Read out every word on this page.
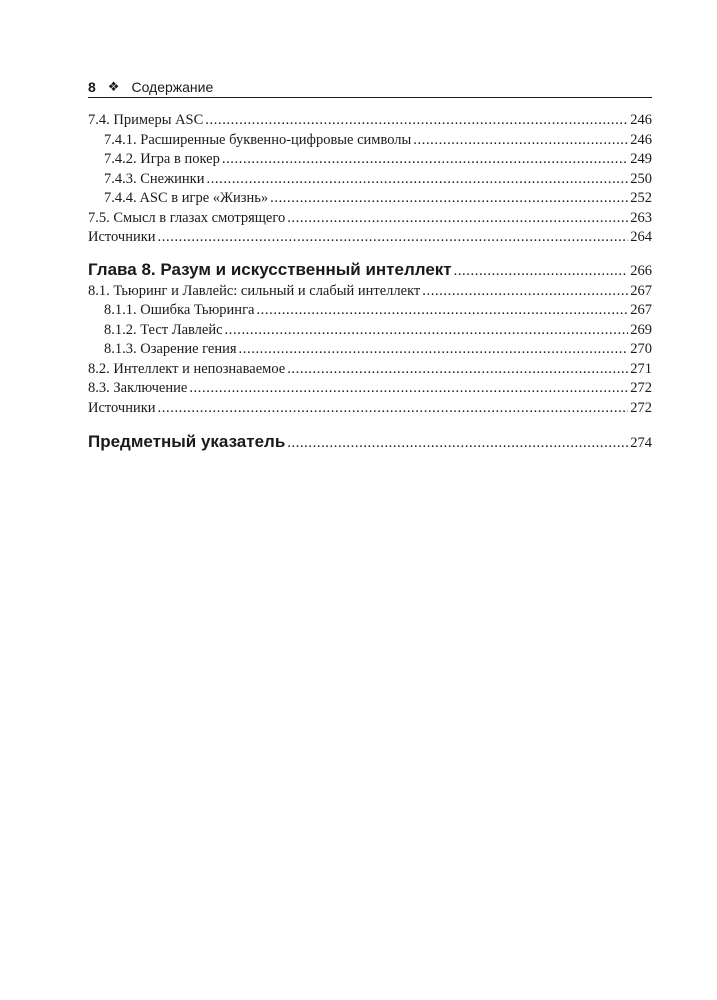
8 ❖ Содержание
7.4. Примеры ASC .....	246
7.4.1. Расширенные буквенно-цифровые символы .....	246
7.4.2. Игра в покер .....	249
7.4.3. Снежинки .....	250
7.4.4. ASC в игре «Жизнь» .....	252
7.5. Смысл в глазах смотрящего .....	263
Источники .....	264
Глава 8. Разум и искусственный интеллект .....	266
8.1. Тьюринг и Лавлейс: сильный и слабый интеллект .....	267
8.1.1. Ошибка Тьюринга .....	267
8.1.2. Тест Лавлейс .....	269
8.1.3. Озарение гения .....	270
8.2. Интеллект и непознаваемое .....	271
8.3. Заключение .....	272
Источники .....	272
Предметный указатель .....	274
